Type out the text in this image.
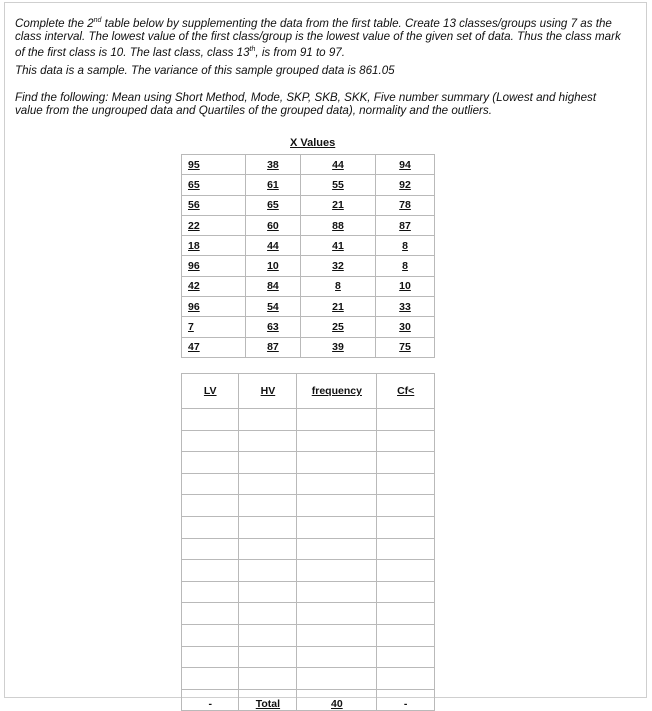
Complete the 2nd table below by supplementing the data from the first table. Create 13 classes/groups using 7 as the class interval. The lowest value of the first class/group is the lowest value of the given set of data. Thus the class mark of the first class is 10. The last class, class 13th, is from 91 to 97.

This data is a sample. The variance of this sample grouped data is 861.05

Find the following: Mean using Short Method, Mode, SKP, SKB, SKK, Five number summary (Lowest and highest value from the ungrouped data and Quartiles of the grouped data), normality and the outliers.

X Values
95	38	44	94
65	61	55	92
56	65	21	78
22	60	88	87
18	44	41	8
96	10	32	8
42	84	8	10
96	54	21	33
7	63	25	30
47	87	39	75
LV	HV	frequency	Cf<

-	Total	40	-
